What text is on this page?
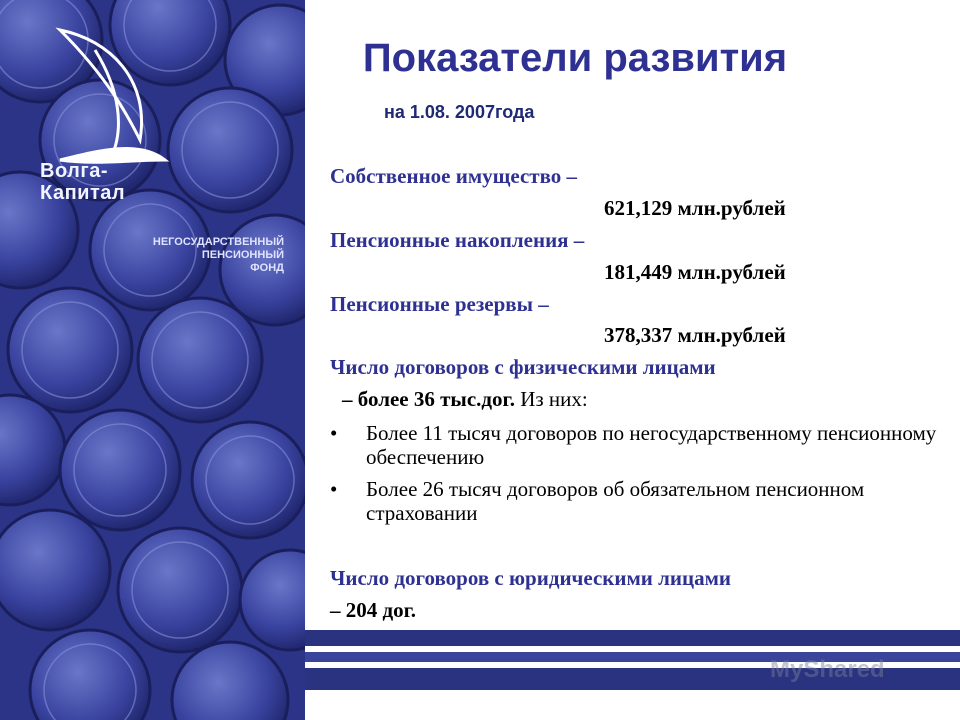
Волга-
Капитал
НЕГОСУДАРСТВЕННЫЙ
ПЕНСИОННЫЙ
ФОНД
Показатели развития
на 1.08. 2007года
Собственное имущество –
621,129 млн.рублей
Пенсионные накопления –
181,449 млн.рублей
Пенсионные резервы –
378,337 млн.рублей
Число договоров с физическими лицами
– более 36 тыс.дог. Из них:
• Более 11 тысяч договоров по негосударственному пенсионному обеспечению
• Более 26 тысяч договоров об обязательном пенсионном страховании
Число договоров с юридическими лицами
– 204 дог.
MyShared
